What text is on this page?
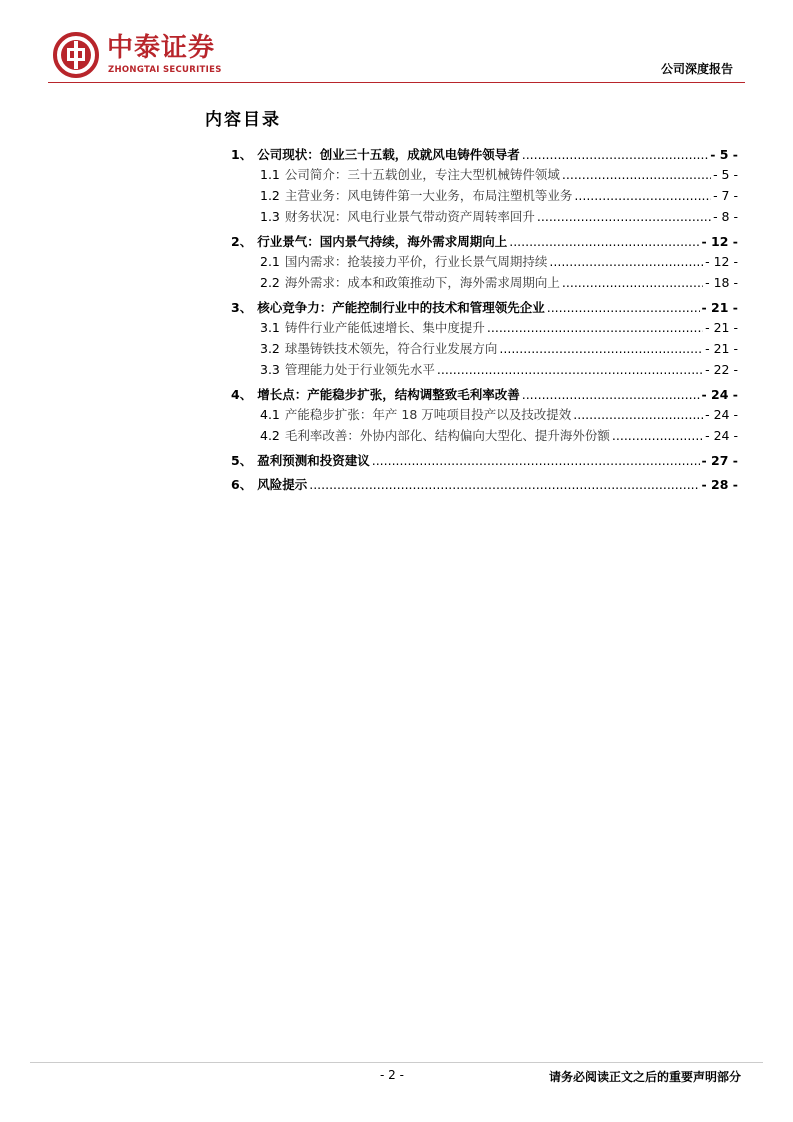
中泰证券
ZHONGTAI SECURITIES	公司深度报告
内容目录
1、 公司现状：创业三十五载，成就风电铸件领导者 .....	- 5 -
1.1 公司简介：三十五载创业，专注大型机械铸件领域 .....	- 5 -
1.2 主营业务：风电铸件第一大业务，布局注塑机等业务 .....	- 7 -
1.3 财务状况：风电行业景气带动资产周转率回升 .....	- 8 -
2、 行业景气：国内景气持续，海外需求周期向上 .....	- 12 -
2.1 国内需求：抢装接力平价，行业长景气周期持续 .....	- 12 -
2.2 海外需求：成本和政策推动下，海外需求周期向上 .....	- 18 -
3、 核心竞争力：产能控制行业中的技术和管理领先企业 .....	- 21 -
3.1 铸件行业产能低速增长、集中度提升 .....	- 21 -
3.2 球墨铸铁技术领先，符合行业发展方向 .....	- 21 -
3.3 管理能力处于行业领先水平 .....	- 22 -
4、 增长点：产能稳步扩张，结构调整致毛利率改善 .....	- 24 -
4.1 产能稳步扩张：年产 18 万吨项目投产以及技改提效 .....	- 24 -
4.2 毛利率改善：外协内部化、结构偏向大型化、提升海外份额 .....	- 24 -
5、 盈利预测和投资建议 .....	- 27 -
6、 风险提示 .....	- 28 -
- 2 -	请务必阅读正文之后的重要声明部分
